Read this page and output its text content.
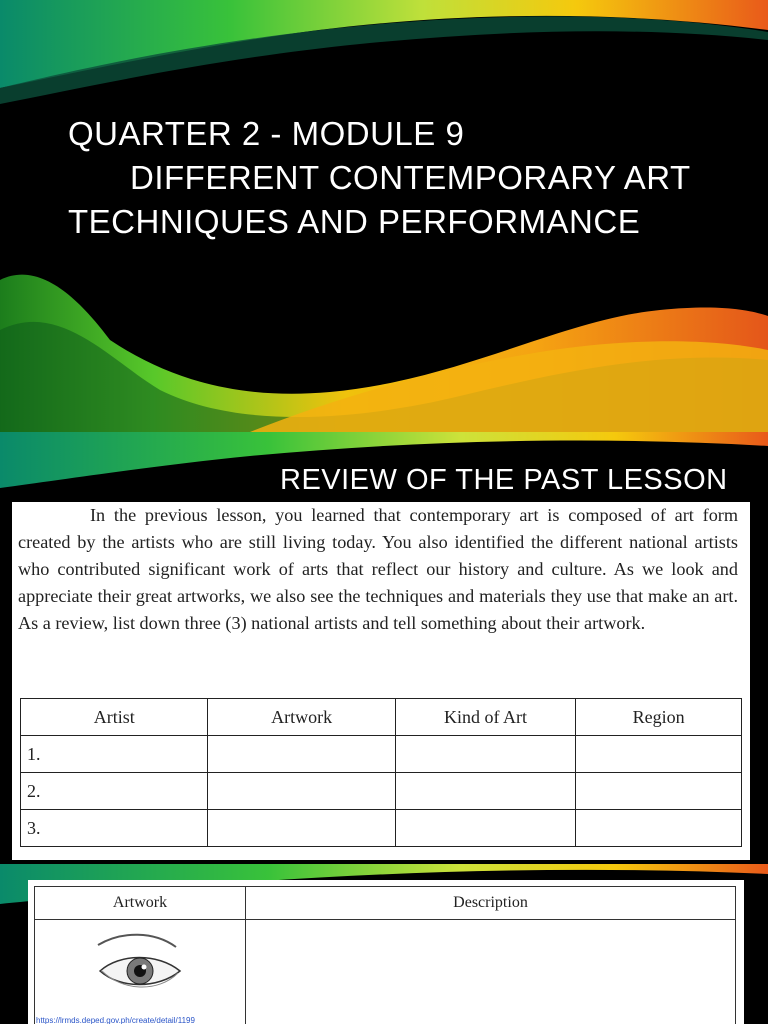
QUARTER 2 - MODULE 9
DIFFERENT CONTEMPORARY ART
TECHNIQUES AND PERFORMANCE
REVIEW OF THE PAST LESSON

In the previous lesson, you learned that contemporary art is composed of art form created by the artists who are still living today. You also identified the different national artists who contributed significant work of arts that reflect our history and culture. As we look and appreciate their great artworks, we also see the techniques and materials they use that make an art. As a review, list down three (3) national artists and tell something about their artwork.

Artist	Artwork	Kind of Art	Region
1.			
2.			
3.			
Artwork	Description

https://lrmds.deped.gov.ph/create/detail/1199	
